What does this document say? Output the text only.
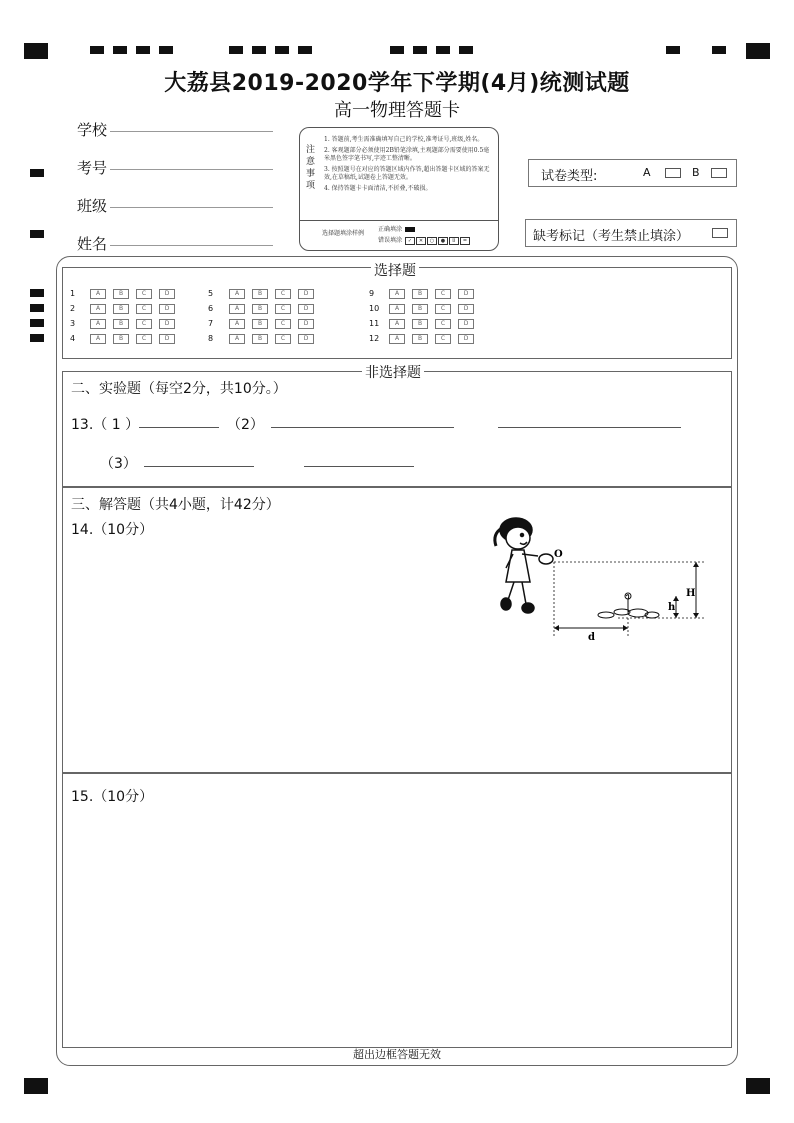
大荔县2019-2020学年下学期(4月)统测试题
高一物理答题卡
学校
考号
班级
姓名
注意事项
1. 答题前,考生需准确填写自己的学校,准考证号,班级,姓名。
2. 客观题部分必须使用2B铅笔涂填,主观题部分需要使用0.5毫米黑色签字笔书写,字迹工整清晰。
3. 按照题号在对应的答题区域内作答,超出答题卡区域的答案无效,在草稿纸,试题卷上答题无效。
4. 保持答题卡卡面清洁,不折叠,不破损。
选择题填涂样例
正确填涂
错误填涂 ✓ ✕ ○ ● ⌷ =
试卷类型:	A	B
缺考标记（考生禁止填涂）
选择题
1	A	B	C	D
2	A	B	C	D
3	A	B	C	D
4	A	B	C	D
5	A	B	C	D
6	A	B	C	D
7	A	B	C	D
8	A	B	C	D
9	A	B	C	D
10	A	B	C	D
11	A	B	C	D
12	A	B	C	D
非选择题
二、实验题（每空2分，共10分。）
13.（ 1 ）	（2）
（3）
三、解答题（共4小题，计42分）
14.（10分）
O
H
h
d
15.（10分）
超出边框答题无效
